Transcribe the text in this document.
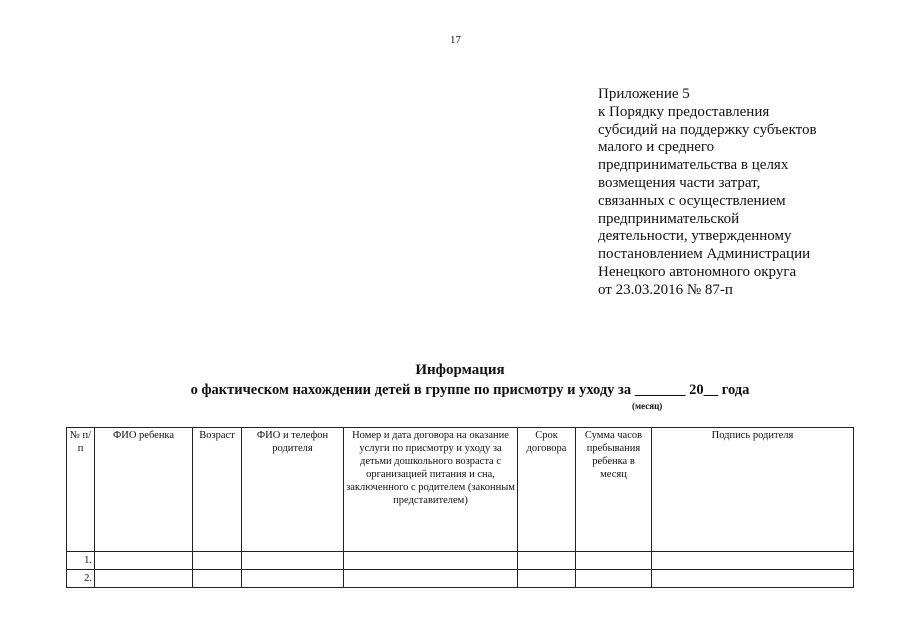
17
Приложение 5
к Порядку предоставления
субсидий на поддержку субъектов
малого и среднего
предпринимательства в целях
возмещения части затрат,
связанных с осуществлением
предпринимательской
деятельности, утвержденному
постановлением Администрации
Ненецкого автономного округа
от 23.03.2016 № 87-п
Информация
о фактическом нахождении детей в группе по присмотру и уходу за _______ 20__ года
(месяц)
№ п/п	ФИО ребенка	Возраст	ФИО и телефон родителя	Номер и дата договора на оказание услуги по присмотру и уходу за детьми дошкольного возраста с организацией питания и сна, заключенного с родителем (законным представителем)	Срок договора	Сумма часов пребывания ребенка в месяц	Подпись родителя
1.							
2.							
